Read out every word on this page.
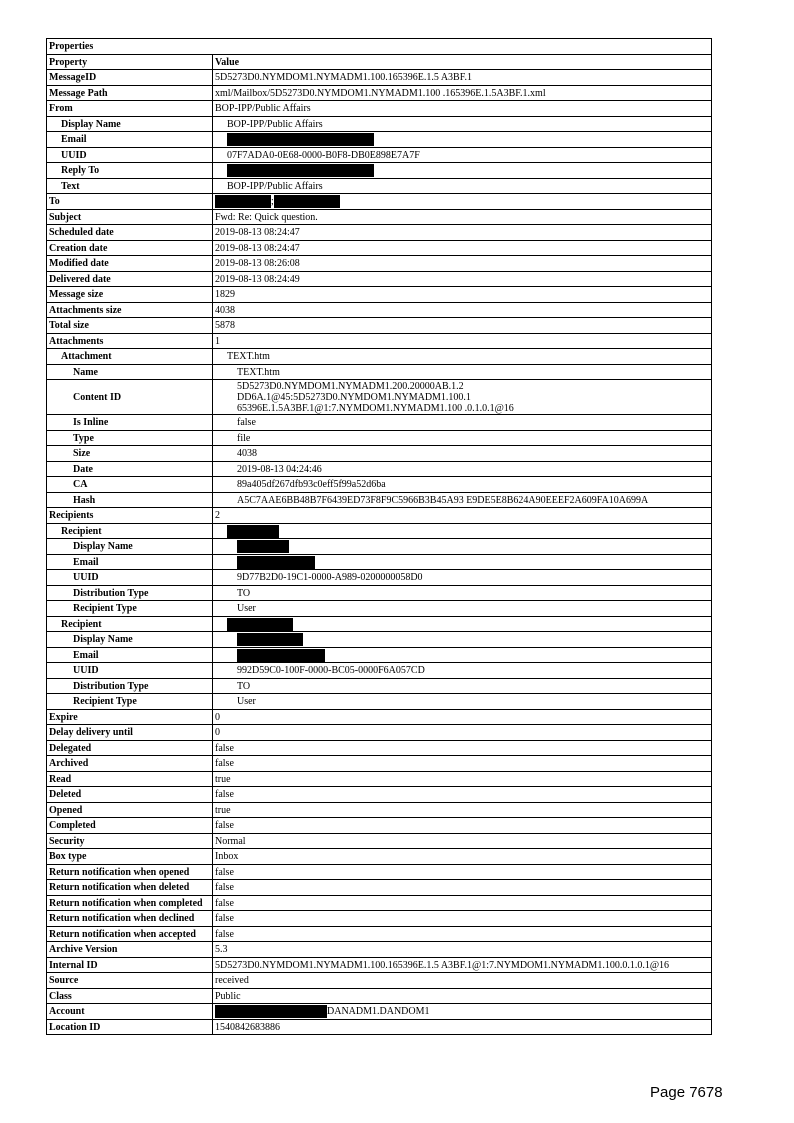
Properties	
Property	Value
MessageID	5D5273D0.NYMDOM1.NYMADM1.100.165396E.1.5 A3BF.1
Message Path	xml/Mailbox/5D5273D0.NYMDOM1.NYMADM1.100 .165396E.1.5A3BF.1.xml
From	BOP-IPP/Public Affairs
Display Name	BOP-IPP/Public Affairs
Email	
UUID	07F7ADA0-0E68-0000-B0F8-DB0E898E7A7F
Reply To	
Text	BOP-IPP/Public Affairs
To	;
Subject	Fwd: Re: Quick question.
Scheduled date	2019-08-13 08:24:47
Creation date	2019-08-13 08:24:47
Modified date	2019-08-13 08:26:08
Delivered date	2019-08-13 08:24:49
Message size	1829
Attachments size	4038
Total size	5878
Attachments	1
Attachment	TEXT.htm
Name	TEXT.htm
Content ID	5D5273D0.NYMDOM1.NYMADM1.200.20000AB.1.2
DD6A.1@45:5D5273D0.NYMDOM1.NYMADM1.100.1
65396E.1.5A3BF.1@1:7.NYMDOM1.NYMADM1.100 .0.1.0.1@16
Is Inline	false
Type	file
Size	4038
Date	2019-08-13 04:24:46
CA	89a405df267dfb93c0eff5f99a52d6ba
Hash	A5C7AAE6BB48B7F6439ED73F8F9C5966B3B45A93 E9DE5E8B624A90EEEF2A609FA10A699A
Recipients	2
Recipient	
Display Name	
Email	
UUID	9D77B2D0-19C1-0000-A989-0200000058D0
Distribution Type	TO
Recipient Type	User
Recipient	
Display Name	
Email	
UUID	992D59C0-100F-0000-BC05-0000F6A057CD
Distribution Type	TO
Recipient Type	User
Expire	0
Delay delivery until	0
Delegated	false
Archived	false
Read	true
Deleted	false
Opened	true
Completed	false
Security	Normal
Box type	Inbox
Return notification when opened	false
Return notification when deleted	false
Return notification when completed	false
Return notification when declined	false
Return notification when accepted	false
Archive Version	5.3
Internal ID	5D5273D0.NYMDOM1.NYMADM1.100.165396E.1.5 A3BF.1@1:7.NYMDOM1.NYMADM1.100.0.1.0.1@16
Source	received
Class	Public
Account	DANADM1.DANDOM1
Location ID	1540842683886
Page 7678
